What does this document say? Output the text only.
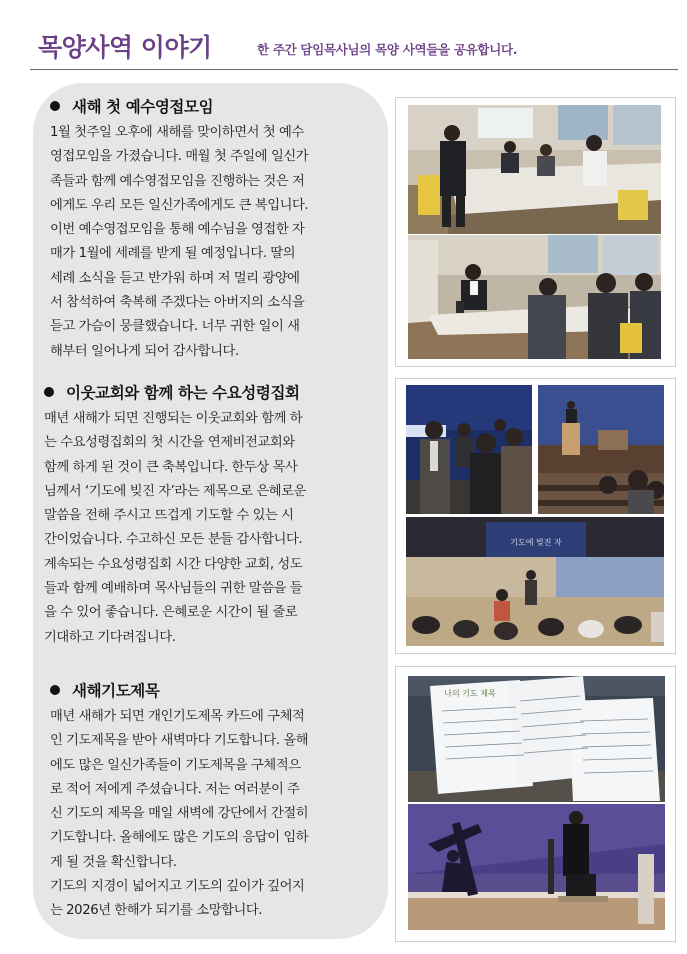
목양사역 이야기	한 주간 담임목사님의 목양 사역들을 공유합니다.
새해 첫 예수영접모임
1월 첫주일 오후에 새해를 맞이하면서 첫 예수
영접모임을 가졌습니다. 매월 첫 주일에 일신가
족들과 함께 예수영접모임을 진행하는 것은 저
에게도 우리 모든 일신가족에게도 큰 복입니다.
이번 예수영접모임을 통해 예수님을 영접한 자
매가 1월에 세례를 받게 될 예정입니다. 딸의
세례 소식을 듣고 반가워 하며 저 멀리 광양에
서 참석하여 축복해 주겠다는 아버지의 소식을
듣고 가슴이 뭉클했습니다. 너무 귀한 일이 새
해부터 일어나게 되어 감사합니다.
이웃교회와 함께 하는 수요성령집회
매년 새해가 되면 진행되는 이웃교회와 함께 하
는 수요성령집회의 첫 시간을 연제비전교회와
함께 하게 된 것이 큰 축복입니다. 한두상 목사
님께서 ‘기도에 빚진 자’라는 제목으로 은혜로운
말씀을 전해 주시고 뜨겁게 기도할 수 있는 시
간이었습니다. 수고하신 모든 분들 감사합니다.
계속되는 수요성령집회 시간 다양한 교회, 성도
들과 함께 예배하며 목사님들의 귀한 말씀을 들
을 수 있어 좋습니다. 은혜로운 시간이 될 줄로
기대하고 기다려집니다.
새해기도제목
매년 새해가 되면 개인기도제목 카드에 구체적
인 기도제목을 받아 새벽마다 기도합니다. 올해
에도 많은 일신가족들이 기도제목을 구체적으
로 적어 저에게 주셨습니다. 저는 여러분이 주
신 기도의 제목을 매일 새벽에 강단에서 간절히
기도합니다. 올해에도 많은 기도의 응답이 임하
게 될 것을 확신합니다.
기도의 지경이 넓어지고 기도의 깊이가 깊어지
는 2026년 한해가 되기를 소망합니다.
기도에 빚진 자
나의 기도 제목
